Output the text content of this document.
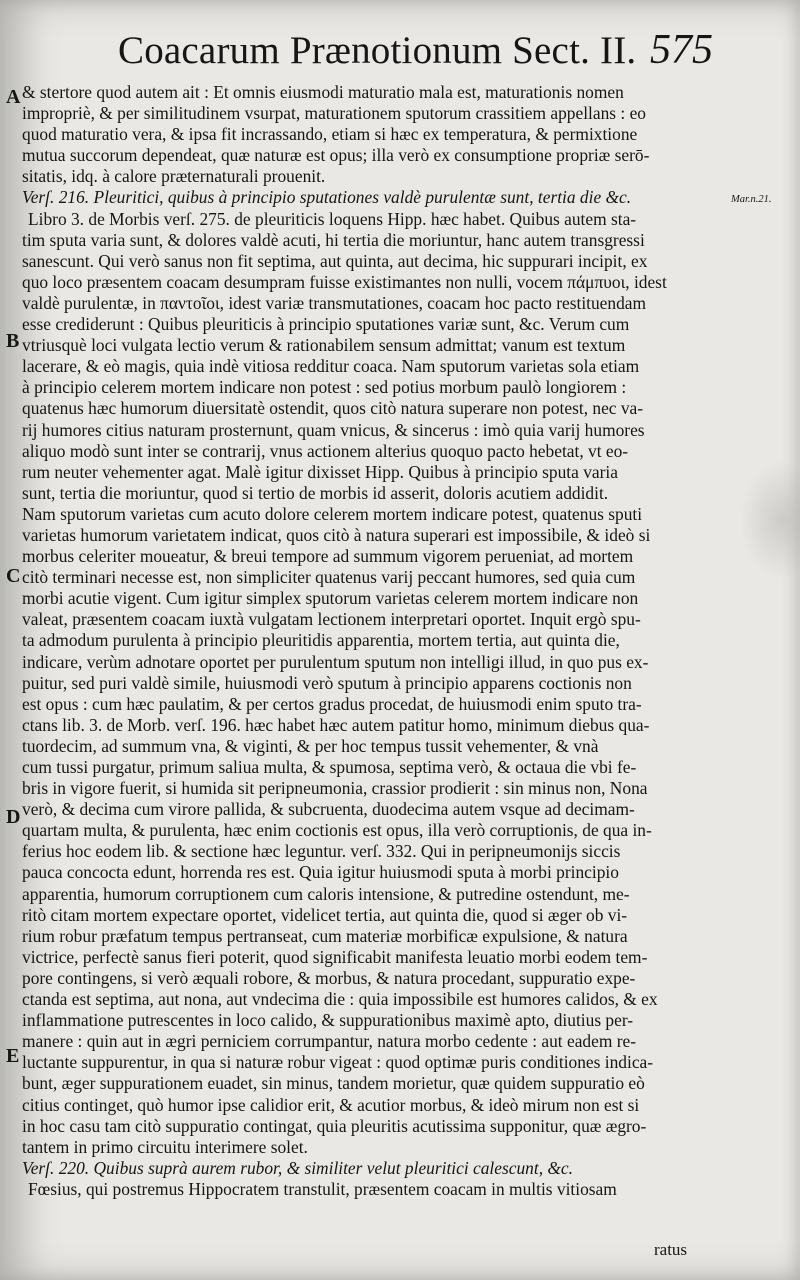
Coacarum Prænotionum Sect. II. 575
A
B
C
D
E
Mar.n.21.
& stertore quod autem ait : Et omnis eiusmodi maturatio mala est, maturationis nomen
impropriè, & per similitudinem vsurpat, maturationem sputorum crassitiem appellans : eo
quod maturatio vera, & ipsa fit incrassando, etiam si hæc ex temperatura, & permixtione
mutua succorum dependeat, quæ naturæ est opus; illa verò ex consumptione propriæ serō-
sitatis, idq. à calore præternaturali prouenit.
Verſ. 216. Pleuritici, quibus à principio sputationes valdè purulentæ sunt, tertia die &c.
Libro 3. de Morbis verſ. 275. de pleuriticis loquens Hipp. hæc habet. Quibus autem sta-
tim sputa varia sunt, & dolores valdè acuti, hi tertia die moriuntur, hanc autem transgressi
sanescunt. Qui verò sanus non fit septima, aut quinta, aut decima, hic suppurari incipit, ex
quo loco præsentem coacam desumpram fuisse existimantes non nulli, vocem πάμπυοι, idest
valdè purulentæ, in παντοῖοι, idest variæ transmutationes, coacam hoc pacto restituendam
esse crediderunt : Quibus pleuriticis à principio sputationes variæ sunt, &c. Verum cum
vtriusquè loci vulgata lectio verum & rationabilem sensum admittat; vanum est textum
lacerare, & eò magis, quia indè vitiosa redditur coaca. Nam sputorum varietas sola etiam
à principio celerem mortem indicare non potest : sed potius morbum paulò longiorem :
quatenus hæc humorum diuersitatè ostendit, quos citò natura superare non potest, nec va-
rij humores citius naturam prosternunt, quam vnicus, & sincerus : imò quia varij humores
aliquo modò sunt inter se contrarij, vnus actionem alterius quoquo pacto hebetat, vt eo-
rum neuter vehementer agat. Malè igitur dixisset Hipp. Quibus à principio sputa varia
sunt, tertia die moriuntur, quod si tertio de morbis id asserit, doloris acutiem addidit.
Nam sputorum varietas cum acuto dolore celerem mortem indicare potest, quatenus sputi
varietas humorum varietatem indicat, quos citò à natura superari est impossibile, & ideò si
morbus celeriter moueatur, & breui tempore ad summum vigorem perueniat, ad mortem
citò terminari necesse est, non simpliciter quatenus varij peccant humores, sed quia cum
morbi acutie vigent. Cum igitur simplex sputorum varietas celerem mortem indicare non
valeat, præsentem coacam iuxtà vulgatam lectionem interpretari oportet. Inquit ergò spu-
ta admodum purulenta à principio pleuritidis apparentia, mortem tertia, aut quinta die,
indicare, verùm adnotare oportet per purulentum sputum non intelligi illud, in quo pus ex-
puitur, sed puri valdè simile, huiusmodi verò sputum à principio apparens coctionis non
est opus : cum hæc paulatim, & per certos gradus procedat, de huiusmodi enim sputo tra-
ctans lib. 3. de Morb. verſ. 196. hæc habet hæc autem patitur homo, minimum diebus qua-
tuordecim, ad summum vna, & viginti, & per hoc tempus tussit vehementer, & vnà
cum tussi purgatur, primum saliua multa, & spumosa, septima verò, & octaua die vbi fe-
bris in vigore fuerit, si humida sit peripneumonia, crassior prodierit : sin minus non, Nona
verò, & decima cum virore pallida, & subcruenta, duodecima autem vsque ad decimam-
quartam multa, & purulenta, hæc enim coctionis est opus, illa verò corruptionis, de qua in-
ferius hoc eodem lib. & sectione hæc leguntur. verſ. 332. Qui in peripneumonijs siccis
pauca concocta edunt, horrenda res est. Quia igitur huiusmodi sputa à morbi principio
apparentia, humorum corruptionem cum caloris intensione, & putredine ostendunt, me-
ritò citam mortem expectare oportet, videlicet tertia, aut quinta die, quod si æger ob vi-
rium robur præfatum tempus pertranseat, cum materiæ morbificæ expulsione, & natura
victrice, perfectè sanus fieri poterit, quod significabit manifesta leuatio morbi eodem tem-
pore contingens, si verò æquali robore, & morbus, & natura procedant, suppuratio expe-
ctanda est septima, aut nona, aut vndecima die : quia impossibile est humores calidos, & ex
inflammatione putrescentes in loco calido, & suppurationibus maximè apto, diutius per-
manere : quin aut in ægri perniciem corrumpantur, natura morbo cedente : aut eadem re-
luctante suppurentur, in qua si naturæ robur vigeat : quod optimæ puris conditiones indica-
bunt, æger suppurationem euadet, sin minus, tandem morietur, quæ quidem suppuratio eò
citius continget, quò humor ipse calidior erit, & acutior morbus, & ideò mirum non est si
in hoc casu tam citò suppuratio contingat, quia pleuritis acutissima supponitur, quæ ægro-
tantem in primo circuitu interimere solet.
Verſ. 220. Quibus suprà aurem rubor, & similiter velut pleuritici calescunt, &c.
Fœsius, qui postremus Hippocratem transtulit, præsentem coacam in multis vitiosam
ratus
